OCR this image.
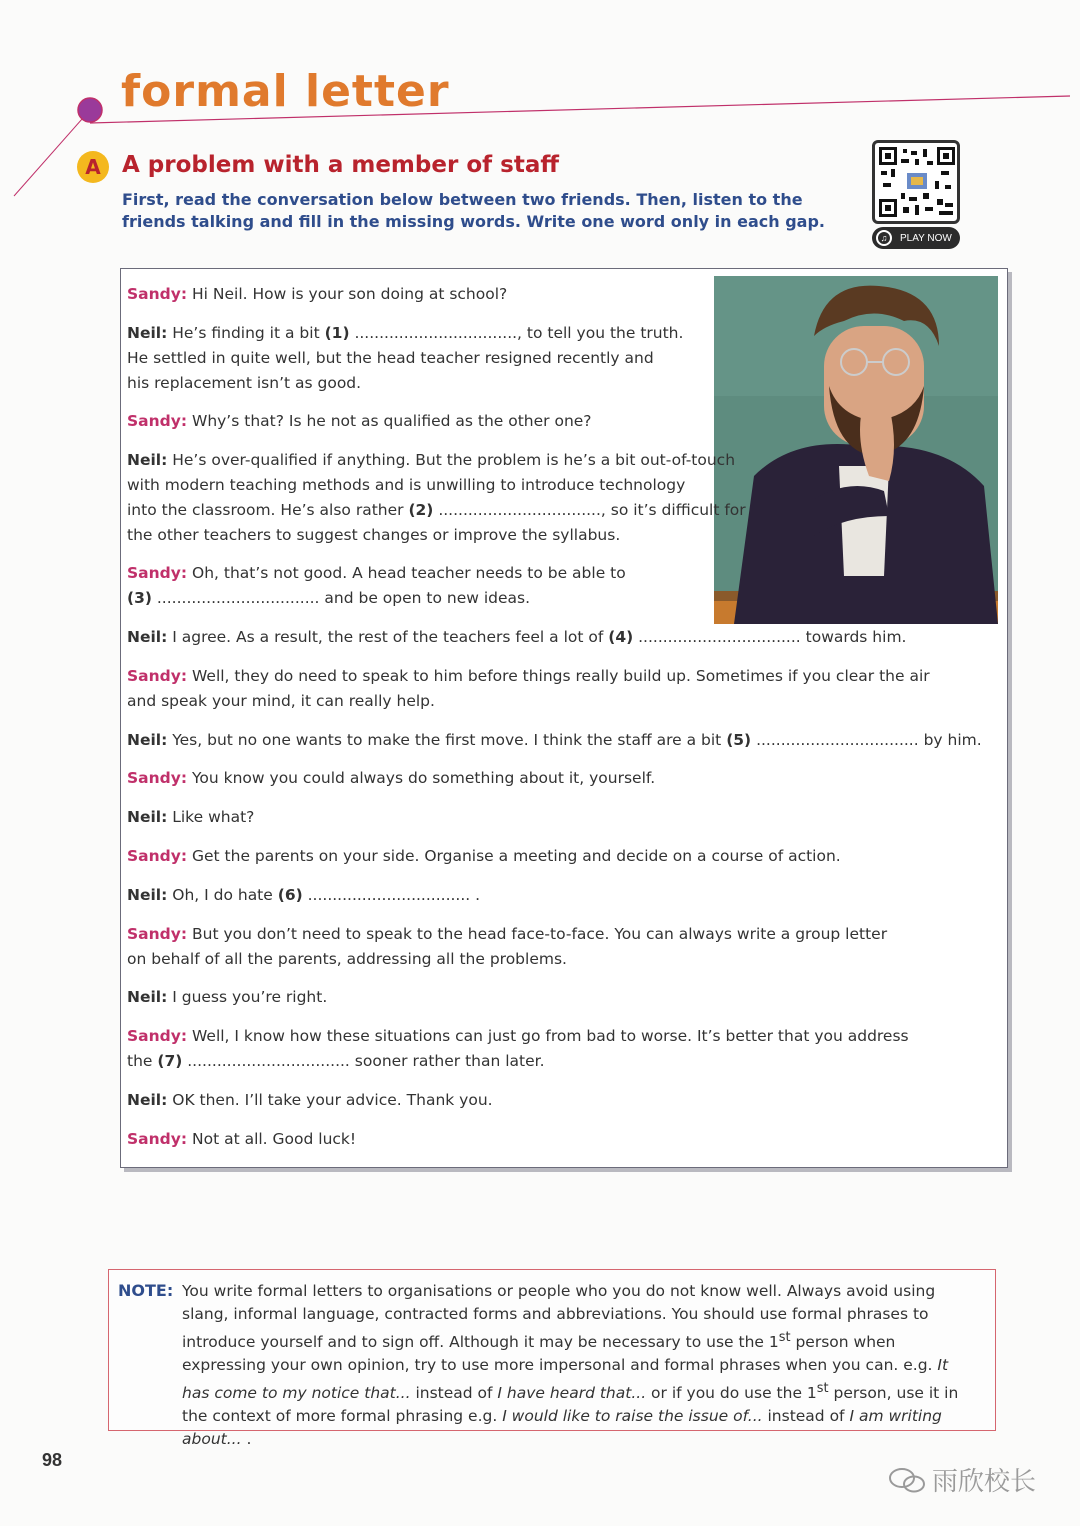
formal letter
A A problem with a member of staff
First, read the conversation below between two friends. Then, listen to the friends talking and fill in the missing words. Write one word only in each gap.
♫	PLAY NOW
Sandy: Hi Neil. How is your son doing at school?
Neil: He’s finding it a bit (1) ................................., to tell you the truth.
He settled in quite well, but the head teacher resigned recently and
his replacement isn’t as good.
Sandy: Why’s that? Is he not as qualified as the other one?
Neil: He’s over-qualified if anything. But the problem is he’s a bit out-of-touch
with modern teaching methods and is unwilling to introduce technology
into the classroom. He’s also rather (2) ................................., so it’s difficult for
the other teachers to suggest changes or improve the syllabus.
Sandy: Oh, that’s not good. A head teacher needs to be able to
(3) ................................. and be open to new ideas.
Neil: I agree. As a result, the rest of the teachers feel a lot of (4) ................................. towards him.
Sandy: Well, they do need to speak to him before things really build up. Sometimes if you clear the air
and speak your mind, it can really help.
Neil: Yes, but no one wants to make the first move. I think the staff are a bit (5) ................................. by him.
Sandy: You know you could always do something about it, yourself.
Neil: Like what?
Sandy: Get the parents on your side. Organise a meeting and decide on a course of action.
Neil: Oh, I do hate (6) ................................. .
Sandy: But you don’t need to speak to the head face-to-face. You can always write a group letter
on behalf of all the parents, addressing all the problems.
Neil: I guess you’re right.
Sandy: Well, I know how these situations can just go from bad to worse. It’s better that you address
the (7) ................................. sooner rather than later.
Neil: OK then. I’ll take your advice. Thank you.
Sandy: Not at all. Good luck!
NOTE: You write formal letters to organisations or people who you do not know well. Always avoid using slang, informal language, contracted forms and abbreviations. You should use formal phrases to introduce yourself and to sign off. Although it may be necessary to use the 1st person when expressing your own opinion, try to use more impersonal and formal phrases when you can. e.g. It has come to my notice that... instead of I have heard that... or if you do use the 1st person, use it in the context of more formal phrasing e.g. I would like to raise the issue of... instead of I am writing about... .
98
雨欣校长
